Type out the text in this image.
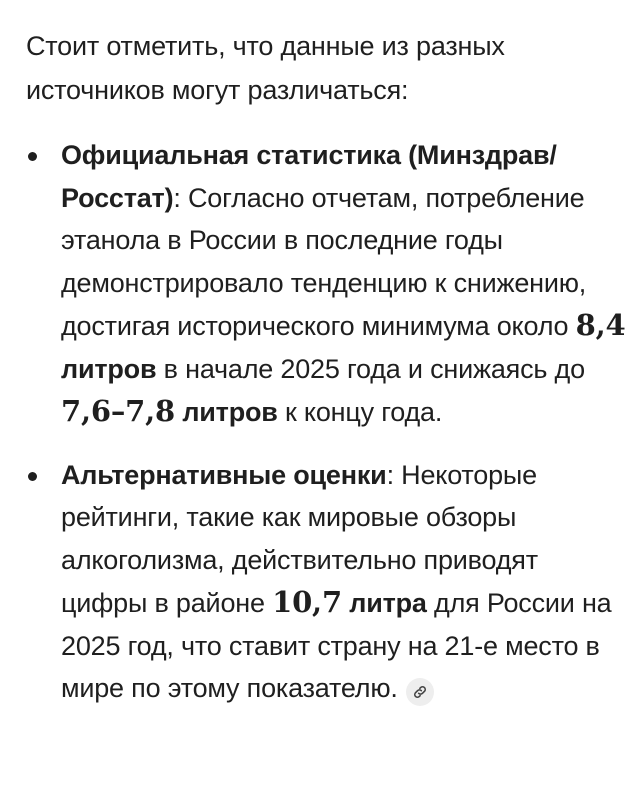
Стоит отметить, что данные из разных источников могут различаться:

Официальная статистика (Минздрав/Росстат): Согласно отчетам, потребление этанола в России в последние годы демонстрировало тенденцию к снижению, достигая исторического минимума около 8,4 литров в начале 2025 года и снижаясь до 7,6–7,8 литров к концу года.
Альтернативные оценки: Некоторые рейтинги, такие как мировые обзоры алкоголизма, действительно приводят цифры в районе 10,7 литра для России на 2025 год, что ставит страну на 21-е место в мире по этому показателю.
